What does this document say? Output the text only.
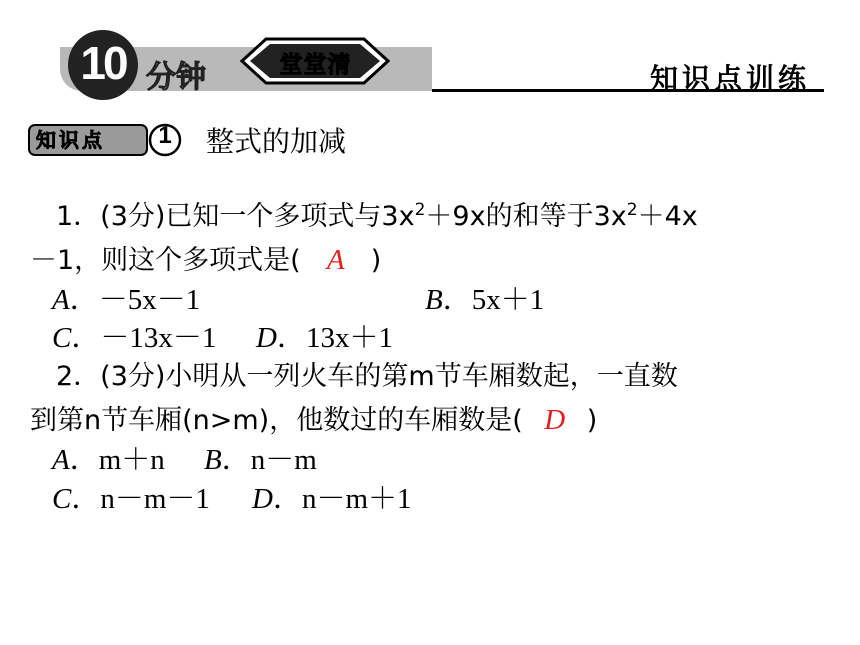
10 分钟	堂堂清	知识点训练
知识点	1	整式的加减
1．(3分)已知一个多项式与$3x^2+9x$的和等于$3x^2+4x$
－1，则这个多项式是( A )
A．－5x－1	B．5x＋1
C．－13x－1 D．13x＋1
2．(3分)小明从一列火车的第m节车厢数起，一直数
到第n节车厢(n>m)，他数过的车厢数是( D )
A．m＋n B．n－m
C．n－m－1 D．n－m＋1
